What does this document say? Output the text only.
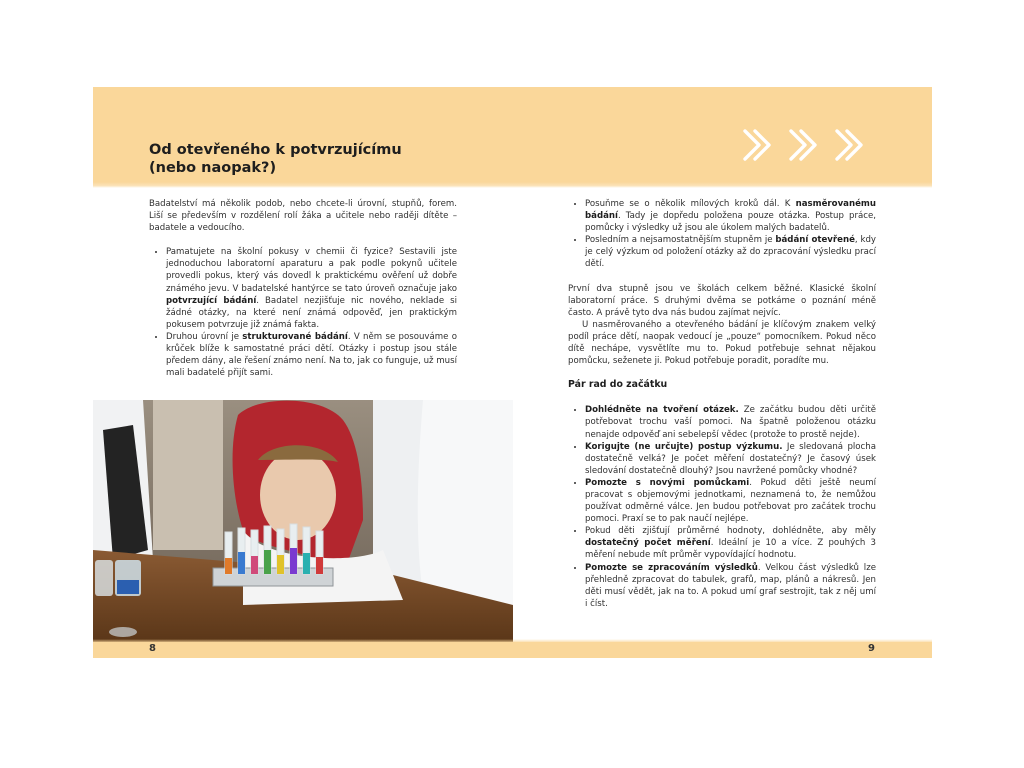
Od otevřeného k potvrzujícímu
(nebo naopak?)

Badatelství má několik podob, nebo chcete-li úrovní, stupňů, forem. Liší se především v rozdělení rolí žáka a učitele nebo raději dítěte – badatele a vedoucího.

• Pamatujete na školní pokusy v chemii či fyzice? Sestavili jste jednoduchou laboratorní aparaturu a pak podle pokynů učitele provedli pokus, který vás dovedl k praktickému ověření už dobře známého jevu. V badatelské hantýrce se tato úroveň označuje jako potvrzující bádání. Badatel nezjišťuje nic nového, neklade si žádné otázky, na které není známá odpověď, jen praktickým pokusem potvrzuje již známá fakta.
• Druhou úrovní je strukturované bádání. V něm se posouváme o krůček blíže k samostatné práci dětí. Otázky i postup jsou stále předem dány, ale řešení známo není. Na to, jak co funguje, už musí mali badatelé přijít sami.
• Posuňme se o několik mílových kroků dál. K nasměrovanému bádání. Tady je dopředu položena pouze otázka. Postup práce, pomůcky i výsledky už jsou ale úkolem malých badatelů.
• Posledním a nejsamostatnějším stupněm je bádání otevřené, kdy je celý výzkum od položení otázky až do zpracování výsledku prací dětí.

První dva stupně jsou ve školách celkem běžné. Klasické školní laboratorní práce. S druhými dvěma se potkáme o poznání méně často. A právě tyto dva nás budou zajímat nejvíc.

U nasměrovaného a otevřeného bádání je klíčovým znakem velký podíl práce dětí, naopak vedoucí je „pouze“ pomocníkem. Pokud něco dítě nechápe, vysvětlíte mu to. Pokud potřebuje sehnat nějakou pomůcku, seženete ji. Pokud potřebuje poradit, poradíte mu.

Pár rad do začátku
• Dohlédněte na tvoření otázek. Ze začátku budou děti určitě potřebovat trochu vaší pomoci. Na špatně položenou otázku nenajde odpověď ani sebelepší vědec (protože to prostě nejde).
• Korigujte (ne určujte) postup výzkumu. Je sledovaná plocha dostatečně velká? Je počet měření dostatečný? Je časový úsek sledování dostatečně dlouhý? Jsou navržené pomůcky vhodné?
• Pomozte s novými pomůckami. Pokud děti ještě neumí pracovat s objemovými jednotkami, neznamená to, že nemůžou používat odměrné válce. Jen budou potřebovat pro začátek trochu pomoci. Praxí se to pak naučí nejlépe.
• Pokud děti zjišťují průměrné hodnoty, dohlédněte, aby měly dostatečný počet měření. Ideální je 10 a více. Z pouhých 3 měření nebude mít průměr vypovídající hodnotu.
• Pomozte se zpracováním výsledků. Velkou část výsledků lze přehledně zpracovat do tabulek, grafů, map, plánů a nákresů. Jen děti musí vědět, jak na to. A pokud umí graf sestrojit, tak z něj umí i číst.
8	9
